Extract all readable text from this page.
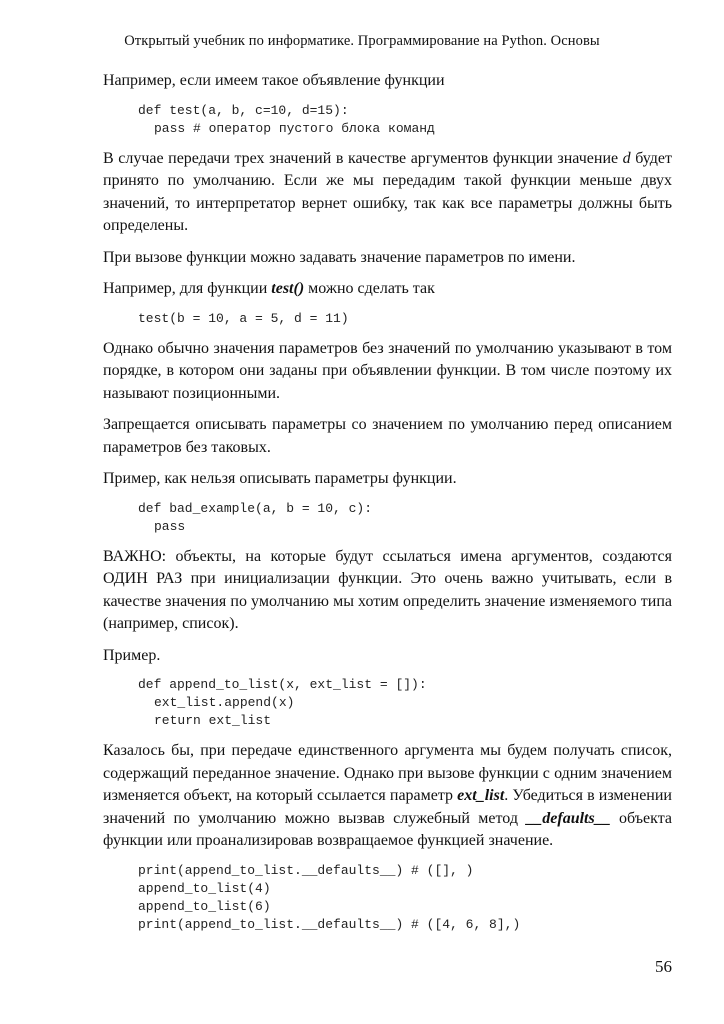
Открытый учебник по информатике. Программирование на Python. Основы

Например, если имеем такое объявление функции

def test(a, b, c=10, d=15):
pass # оператор пустого блока команд

В случае передачи трех значений в качестве аргументов функции значение d будет принято по умолчанию. Если же мы передадим такой функции меньше двух значений, то интерпретатор вернет ошибку, так как все параметры должны быть определены.

При вызове функции можно задавать значение параметров по имени.

Например, для функции test() можно сделать так

test(b = 10, a = 5, d = 11)

Однако обычно значения параметров без значений по умолчанию указывают в том порядке, в котором они заданы при объявлении функции. В том числе поэтому их называют позиционными.

Запрещается описывать параметры со значением по умолчанию перед описанием параметров без таковых.

Пример, как нельзя описывать параметры функции.

def bad_example(a, b = 10, c):
pass

ВАЖНО: объекты, на которые будут ссылаться имена аргументов, создаются ОДИН РАЗ при инициализации функции. Это очень важно учитывать, если в качестве значения по умолчанию мы хотим определить значение изменяемого типа (например, список).

Пример.

def append_to_list(x, ext_list = []):
ext_list.append(x)
return ext_list

Казалось бы, при передаче единственного аргумента мы будем получать список, содержащий переданное значение. Однако при вызове функции с одним значением изменяется объект, на который ссылается параметр ext_list. Убедиться в изменении значений по умолчанию можно вызвав служебный метод __defaults__ объекта функции или проанализировав возвращаемое функцией значение.

print(append_to_list.__defaults__) # ([], )
append_to_list(4)
append_to_list(6)
print(append_to_list.__defaults__) # ([4, 6, 8],)
56
